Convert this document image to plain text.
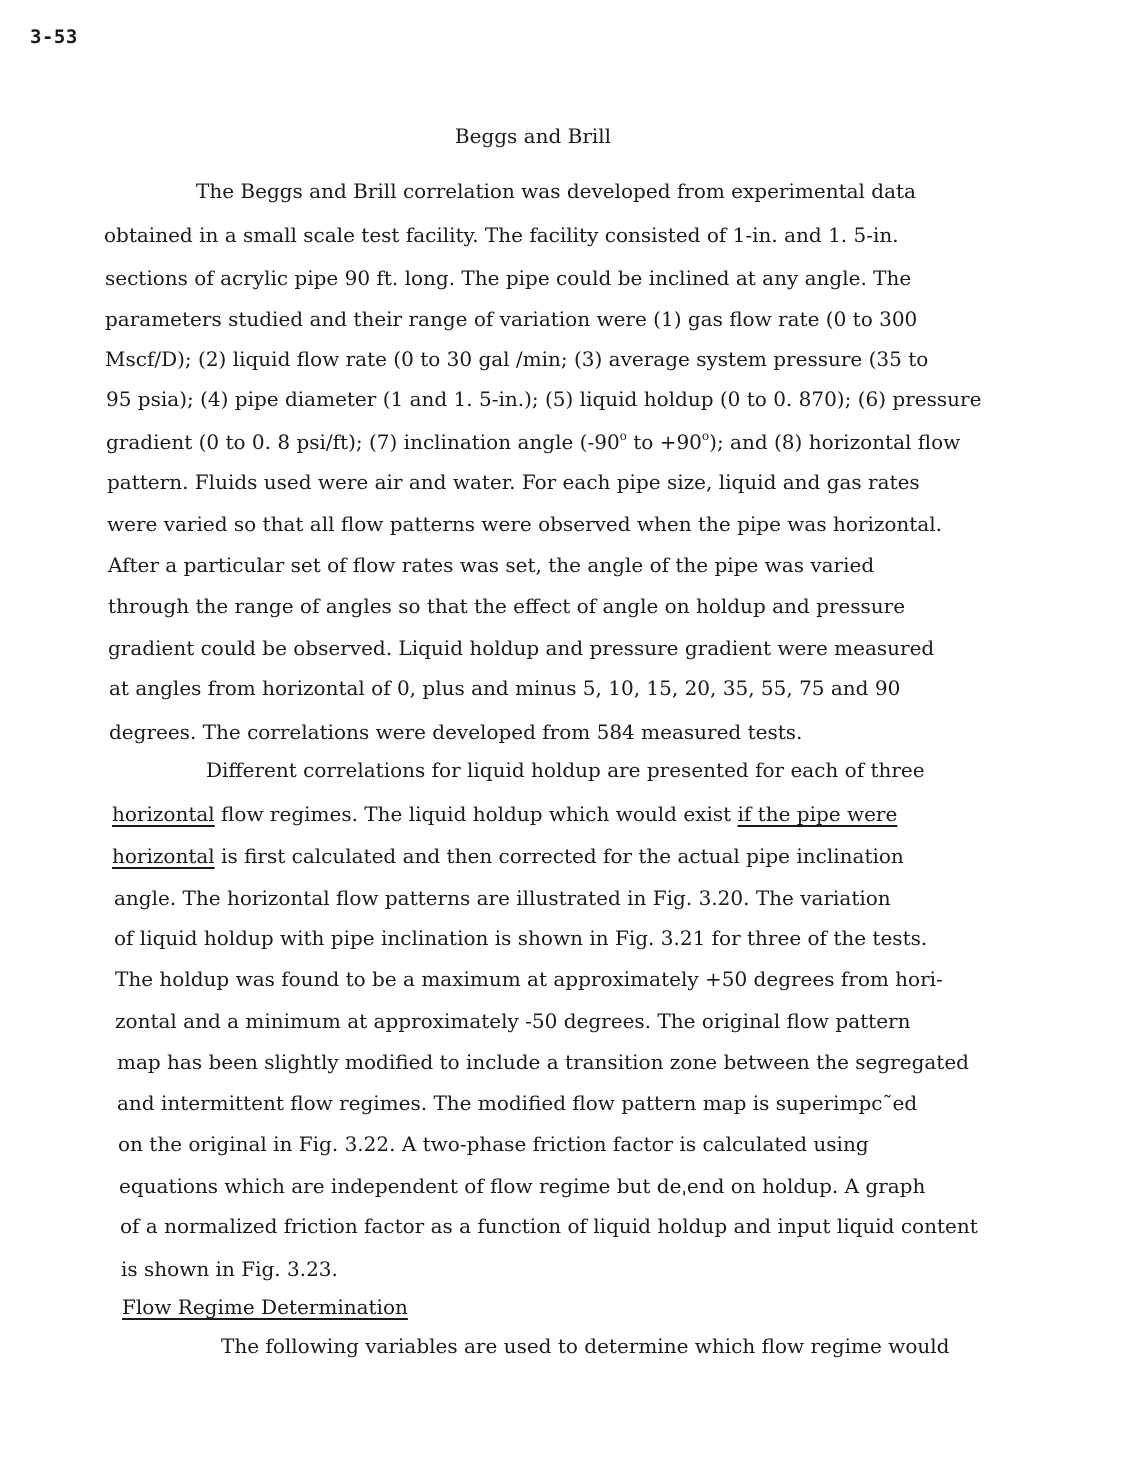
3-53
Beggs and Brill
The Beggs and Brill correlation was developed from experimental data
obtained in a small scale test facility. The facility consisted of 1-in. and 1. 5-in.
sections of acrylic pipe 90 ft. long. The pipe could be inclined at any angle. The
parameters studied and their range of variation were (1) gas flow rate (0 to 300
Mscf/D); (2) liquid flow rate (0 to 30 gal /min; (3) average system pressure (35 to
95 psia); (4) pipe diameter (1 and 1. 5-in.); (5) liquid holdup (0 to 0. 870); (6) pressure
gradient (0 to 0. 8 psi/ft); (7) inclination angle (-90$^o$ to $+90^o$); and (8) horizontal flow
pattern. Fluids used were air and water. For each pipe size, liquid and gas rates
were varied so that all flow patterns were observed when the pipe was horizontal.
After a particular set of flow rates was set, the angle of the pipe was varied
through the range of angles so that the effect of angle on holdup and pressure
gradient could be observed. Liquid holdup and pressure gradient were measured
at angles from horizontal of 0, plus and minus 5, 10, 15, 20, 35, 55, 75 and 90
degrees. The correlations were developed from 584 measured tests.
Different correlations for liquid holdup are presented for each of three
horizontal flow regimes. The liquid holdup which would exist if the pipe were
horizontal is first calculated and then corrected for the actual pipe inclination
angle. The horizontal flow patterns are illustrated in Fig. 3.20. The variation
of liquid holdup with pipe inclination is shown in Fig. 3.21 for three of the tests.
The holdup was found to be a maximum at approximately +50 degrees from hori-
zontal and a minimum at approximately -50 degrees. The original flow pattern
map has been slightly modified to include a transition zone between the segregated
and intermittent flow regimes. The modified flow pattern map is superimpc˜ed
on the original in Fig. 3.22. A two-phase friction factor is calculated using
equations which are independent of flow regime but deˌend on holdup. A graph
of a normalized friction factor as a function of liquid holdup and input liquid content
is shown in Fig. 3.23.
Flow Regime Determination
The following variables are used to determine which flow regime would
